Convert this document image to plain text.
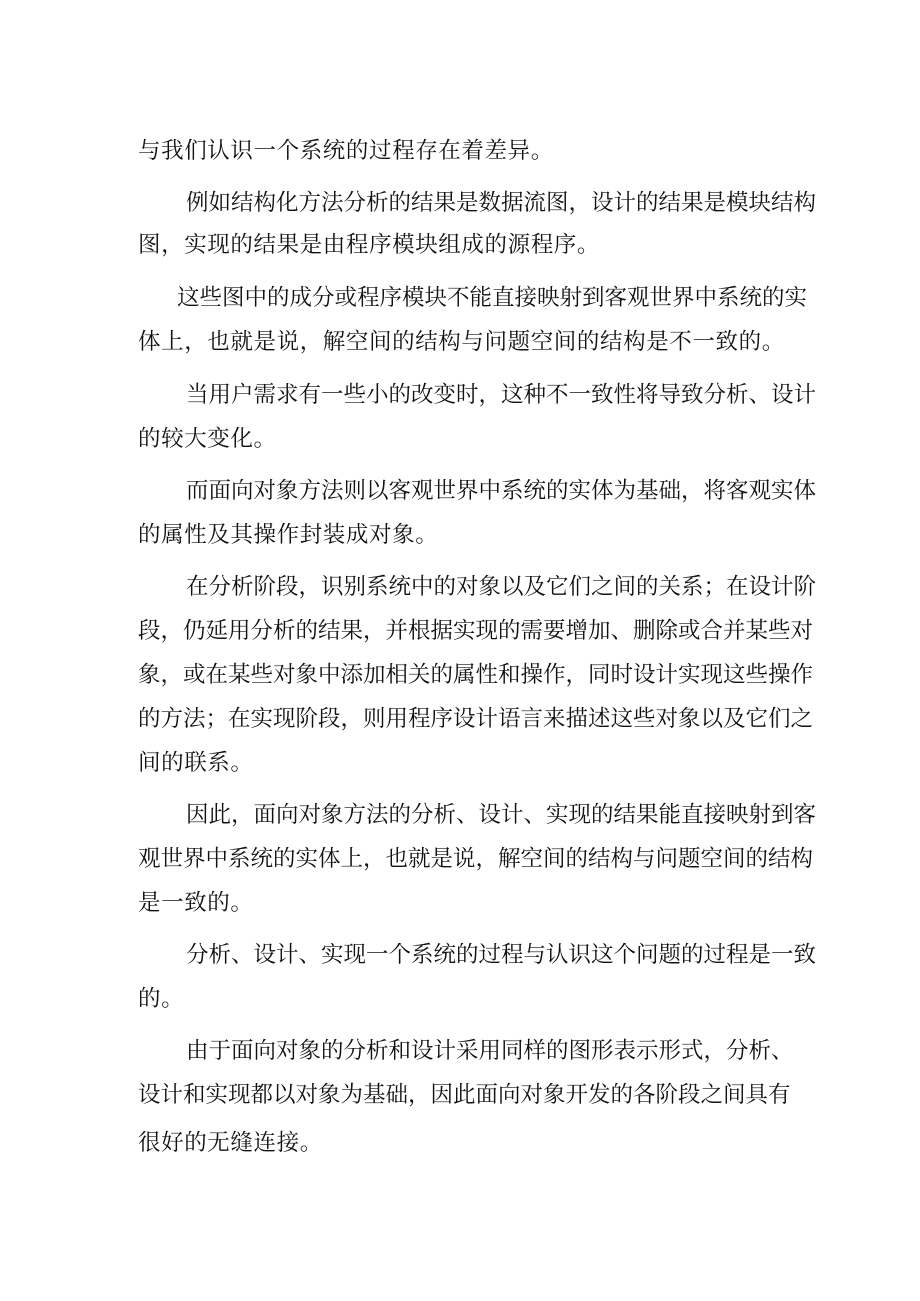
与我们认识一个系统的过程存在着差异。
例如结构化方法分析的结果是数据流图，设计的结果是模块结构
图，实现的结果是由程序模块组成的源程序。
这些图中的成分或程序模块不能直接映射到客观世界中系统的实
体上，也就是说，解空间的结构与问题空间的结构是不一致的。
当用户需求有一些小的改变时，这种不一致性将导致分析、设计
的较大变化。
而面向对象方法则以客观世界中系统的实体为基础，将客观实体
的属性及其操作封装成对象。
在分析阶段，识别系统中的对象以及它们之间的关系；在设计阶
段，仍延用分析的结果，并根据实现的需要增加、删除或合并某些对
象，或在某些对象中添加相关的属性和操作，同时设计实现这些操作
的方法；在实现阶段，则用程序设计语言来描述这些对象以及它们之
间的联系。
因此，面向对象方法的分析、设计、实现的结果能直接映射到客
观世界中系统的实体上，也就是说，解空间的结构与问题空间的结构
是一致的。
分析、设计、实现一个系统的过程与认识这个问题的过程是一致
的。
由于面向对象的分析和设计采用同样的图形表示形式，分析、
设计和实现都以对象为基础，因此面向对象开发的各阶段之间具有
很好的无缝连接。
